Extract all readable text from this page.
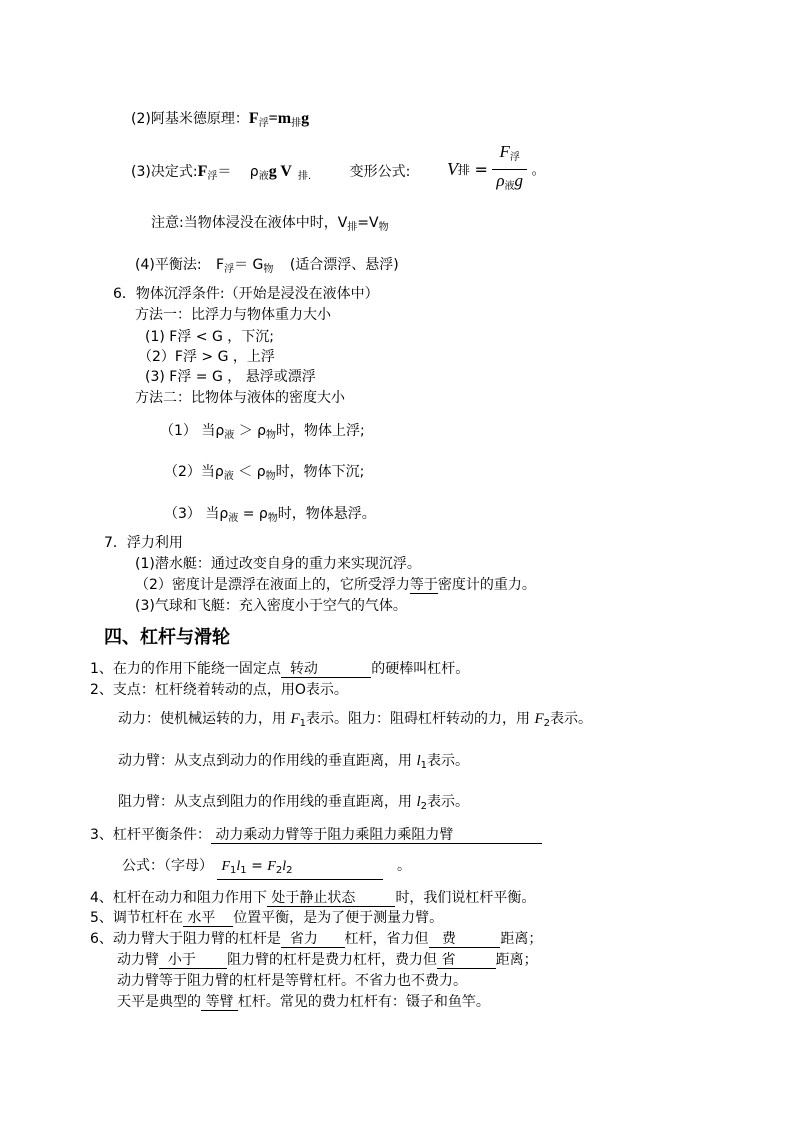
(2)阿基米德原理：$F_浮=m_排g$
(3)决定式$:F_浮= \rho_液g$ V $_{排.}$	变形公式: V排 = $\frac{F_浮}{\rho_液g}$ 。
注意:当物体浸没在液体中时，$V_排=V_物$
(4)平衡法: $F_浮= G_物$ (适合漂浮、悬浮)
6．物体沉浮条件:（开始是浸没在液体中）
方法一：比浮力与物体重力大小
(1) F浮 < G ，下沉;
（2）F浮 > G ，上浮
(3) F浮 = G ， 悬浮或漂浮
方法二：比物体与液体的密度大小
（1） 当$\rho_液 > \rho_物$时，物体上浮;
（2）当$\rho_液 < \rho_物$时，物体下沉;
（3） 当$\rho_液 = \rho_物$时，物体悬浮。
7．浮力利用
(1)潜水艇：通过改变自身的重力来实现沉浮。
（2）密度计是漂浮在液面上的，它所受浮力等于密度计的重力。
(3)气球和飞艇：充入密度小于空气的气体。
四、杠杆与滑轮
1、在力的作用下能绕一固定点  转动            的硬棒叫杠杆。
2、支点：杠杆绕着转动的点，用O表示。
动力：使机械运转的力，用 $F_1$表示。阻力：阻碍杠杆转动的力，用 $F_2$表示。
动力臂：从支点到动力的作用线的垂直距离，用 $l_1$表示。
阻力臂：从支点到阻力的作用线的垂直距离，用 $l_2$表示。
3、杠杆平衡条件： 动力乘动力臂等于阻力乘阻力乘阻力臂
公式：（字母） $F_1l_1 = F_2l_2$	。
4、杠杆在动力和阻力作用下 处于静止状态         时，我们说杠杆平衡。
5、调节杠杆在 水平    位置平衡，是为了便于测量力臂。
6、动力臂大于阻力臂的杠杆是  省力      杠杆，省力但   费          距离；
动力臂  小于       阻力臂的杠杆是费力杠杆，费力但 省         距离；
动力臂等于阻力臂的杠杆是等臂杠杆。不省力也不费力。
天平是典型的 等臂 杠杆。常见的费力杠杆有：镊子和鱼竿。
